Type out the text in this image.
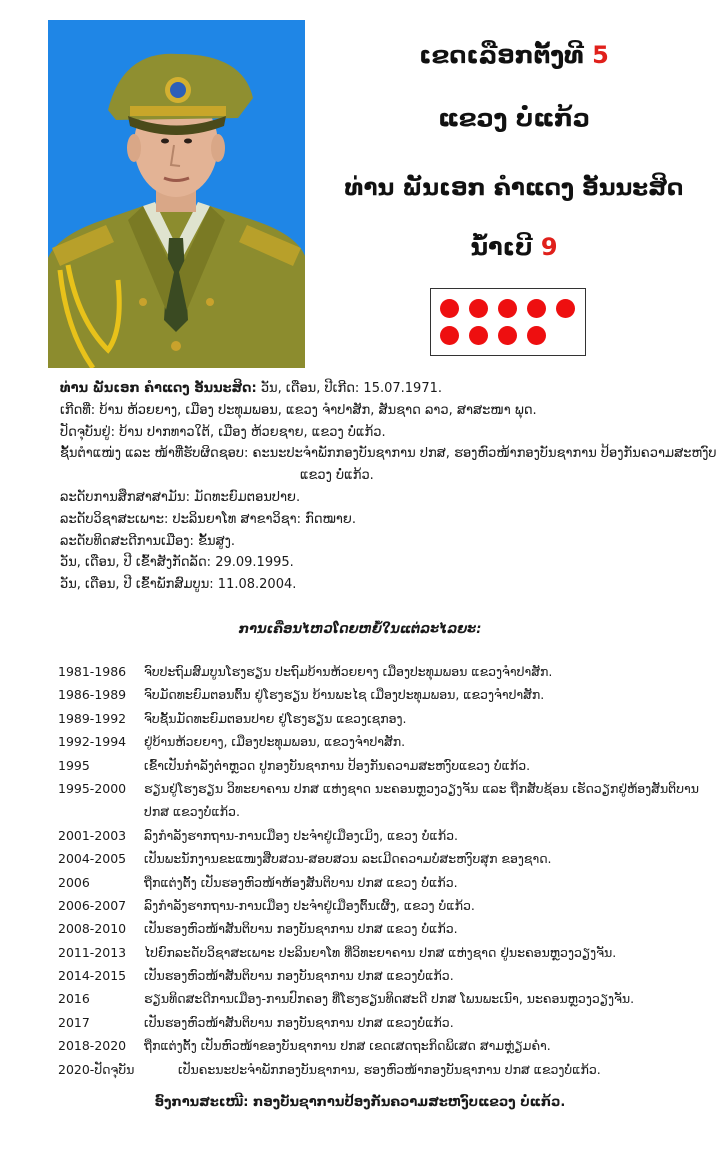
ເຂດເລືອກຕັ້ງທີ 5
ແຂວງ ບໍ່ແກ້ວ
ທ່ານ ພັນເອກ ຄຳແດງ ອັນນະສິດ
ນ້ຳເບີ 9
ທ່ານ ພັນເອກ ຄຳແດງ ອັນນະສິດ: ວັນ, ເດືອນ, ປີເກີດ: 15.07.1971.
ເກີດທີ່: ບ້ານ ຫ້ວຍຍາງ, ເມືອງ ປະທຸມພອນ, ແຂວງ ຈຳປາສັກ, ສັນຊາດ ລາວ, ສາສະໜາ ພຸດ.
ປັດຈຸບັນຢູ່: ບ້ານ ປາກທາວໃຕ້, ເມືອງ ຫ້ວຍຊາຍ, ແຂວງ ບໍ່ແກ້ວ.
ຊັ້ນຕຳແໜ່ງ ແລະ ໜ້າທີ່ຮັບຜິດຊອບ: ຄະນະປະຈຳພັກກອງບັນຊາການ ປກສ, ຮອງຫົວໜ້າກອງບັນຊາການ ປ້ອງກັນຄວາມສະຫງົບ
ແຂວງ ບໍ່ແກ້ວ.
ລະດັບການສຶກສາສາມັນ: ມັດທະຍົມຕອນປາຍ.
ລະດັບວິຊາສະເພາະ: ປະລິນຍາໂທ ສາຂາວິຊາ: ກົດໝາຍ.
ລະດັບທິດສະດີການເມືອງ: ຂັ້ນສູງ.
ວັນ, ເດືອນ, ປີ ເຂົ້າສັງກັດລັດ: 29.09.1995.
ວັນ, ເດືອນ, ປີ ເຂົ້າພັກສົມບູນ: 11.08.2004.
ການເຄື່ອນໄຫວໂດຍຫຍໍ້ໃນແຕ່ລະໄລຍະ:
1981-1986 ຈົບປະຖົມສົມບູນໂຮງຮຽນ ປະຖົມບ້ານຫ້ວຍຍາງ ເມືອງປະທຸມພອນ ແຂວງຈຳປາສັກ.
1986-1989 ຈົບມັດທະຍົມຕອນຕົ້ນ ຢູ່ໂຮງຮຽນ ບ້ານພະໄຊ ເມືອງປະທຸມພອນ, ແຂວງຈຳປາສັກ.
1989-1992 ຈົບຊັ້ນມັດທະຍົມຕອນປາຍ ຢູ່ໂຮງຮຽນ ແຂວງເຊກອງ.
1992-1994 ຢູ່ບ້ານຫ້ວຍຍາງ, ເມືອງປະທຸມພອນ, ແຂວງຈຳປາສັກ.
1995	ເຂົ້າເປັນກຳລັງຕຳຫຼວດ ປູກອງບັນຊາການ ປ້ອງກັນຄວາມສະຫງົບແຂວງ ບໍ່ແກ້ວ.
1995-2000 ຮຽນຢູ່ໂຮງຮຽນ ວິທະຍາຄານ ປກສ ແຫ່ງຊາດ ນະຄອນຫຼວງວຽງຈັນ ແລະ ຖືກສັບຊ້ອນ ເຮັດວຽກຢູ່ຫ້ອງສັນຕິບານ ປກສ ແຂວງບໍ່ແກ້ວ.
2001-2003 ລົງກຳລັງຮາກຖານ-ການເມືອງ ປະຈຳຢູ່ເມືອງເມິງ, ແຂວງ ບໍ່ແກ້ວ.
2004-2005 ເປັນພະນັກງານຂະແໜງສືບສວນ-ສອບສວນ ລະເມີດຄວາມບໍ່ສະຫງົບສຸກ ຂອງຊາດ.
2006	ຖືກແຕ່ງຕັ້ງ ເປັນຮອງຫົວໜ້າຫ້ອງສັນຕິບານ ປກສ ແຂວງ ບໍ່ແກ້ວ.
2006-2007 ລົງກຳລັງຮາກຖານ-ການເມືອງ ປະຈຳຢູ່ເມືອງຕົ້ນເຜິ້ງ, ແຂວງ ບໍ່ແກ້ວ.
2008-2010 ເປັນຮອງຫົວໜ້າສັນຕິບານ ກອງບັນຊາການ ປກສ ແຂວງ ບໍ່ແກ້ວ.
2011-2013 ໄປຍົກລະດັບວິຊາສະເພາະ ປະລິນຍາໂທ ທີ່ວິທະຍາຄານ ປກສ ແຫ່ງຊາດ ຢູ່ນະຄອນຫຼວງວຽງຈັນ.
2014-2015 ເປັນຮອງຫົວໜ້າສັນຕິບານ ກອງບັນຊາການ ປກສ ແຂວງບໍ່ແກ້ວ.
2016	ຮຽນທິດສະດີການເມືອງ-ການປົກຄອງ ທີ່ໂຮງຮຽນທິດສະດີ ປກສ ໂພນພະເນົາ, ນະຄອນຫຼວງວຽງຈັນ.
2017	ເປັນຮອງຫົວໜ້າສັນຕິບານ ກອງບັນຊາການ ປກສ ແຂວງບໍ່ແກ້ວ.
2018-2020 ຖືກແຕ່ງຕັ້ງ ເປັນຫົວໜ້າຂອງບັນຊາການ ປກສ ເຂດເສດຖະກິດພິເສດ ສາມຫຼ່ຽມຄຳ.
2020-ປັດຈຸບັນ	ເປັນຄະນະປະຈຳພັກກອງບັນຊາການ, ຮອງຫົວໜ້າກອງບັນຊາການ ປກສ ແຂວງບໍ່ແກ້ວ.
ອົງການສະເໜີ: ກອງບັນຊາການປ້ອງກັນຄວາມສະຫງົບແຂວງ ບໍ່ແກ້ວ.
